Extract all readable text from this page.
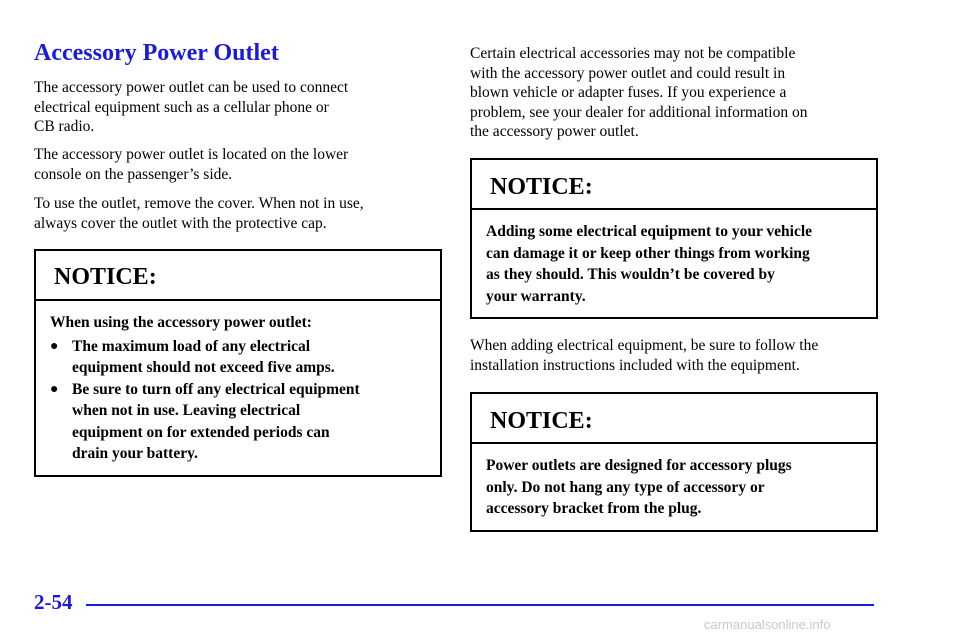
Accessory Power Outlet

The accessory power outlet can be used to connect
electrical equipment such as a cellular phone or
CB radio.

The accessory power outlet is located on the lower
console on the passenger’s side.

To use the outlet, remove the cover. When not in use,
always cover the outlet with the protective cap.

NOTICE:
When using the accessory power outlet:
● The maximum load of any electrical
equipment should not exceed five amps.
● Be sure to turn off any electrical equipment
when not in use. Leaving electrical
equipment on for extended periods can
drain your battery.

Certain electrical accessories may not be compatible
with the accessory power outlet and could result in
blown vehicle or adapter fuses. If you experience a
problem, see your dealer for additional information on
the accessory power outlet.

NOTICE:
Adding some electrical equipment to your vehicle
can damage it or keep other things from working
as they should. This wouldn’t be covered by
your warranty.

When adding electrical equipment, be sure to follow the
installation instructions included with the equipment.

NOTICE:
Power outlets are designed for accessory plugs
only. Do not hang any type of accessory or
accessory bracket from the plug.

2-54

carmanualsonline.info
